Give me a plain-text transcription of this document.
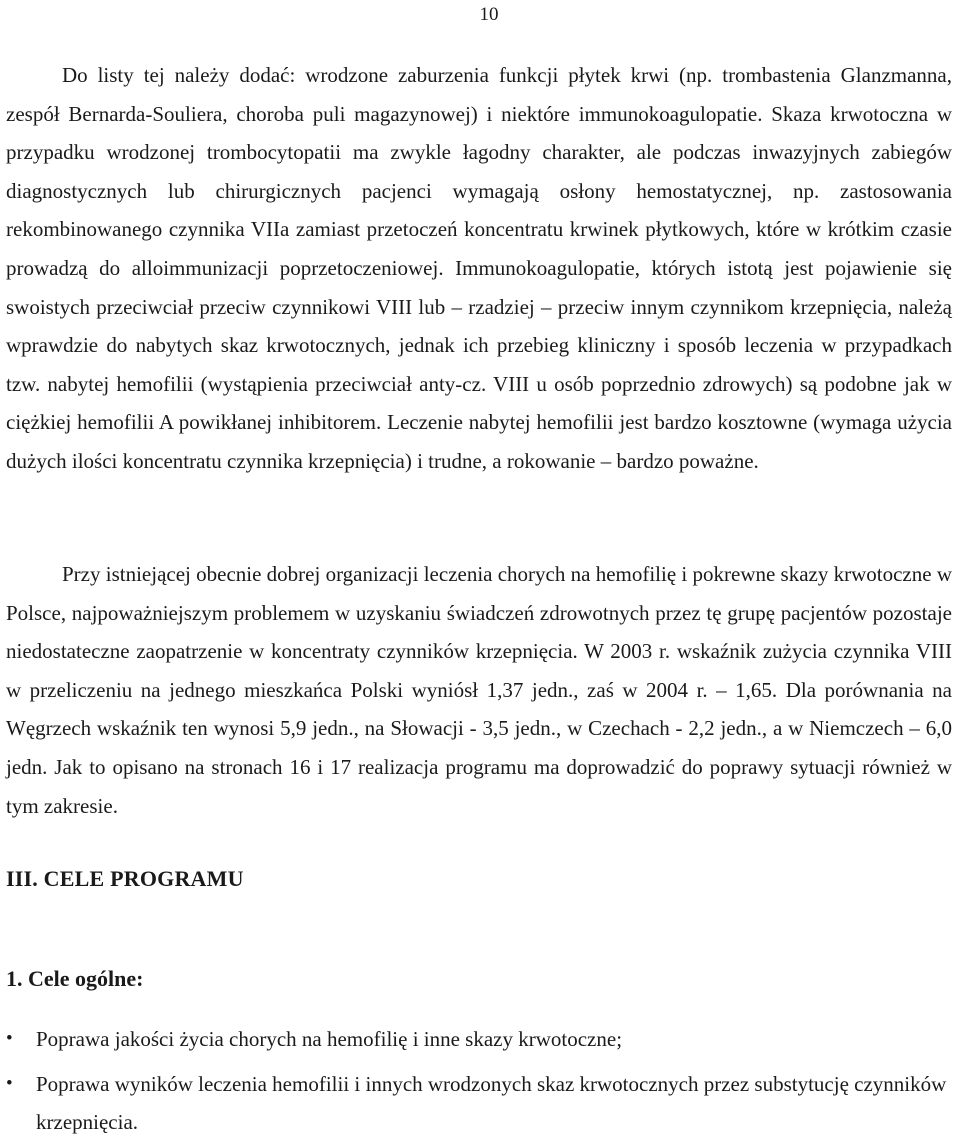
10

Do listy tej należy dodać: wrodzone zaburzenia funkcji płytek krwi (np. trombastenia Glanzmanna, zespół Bernarda-Souliera, choroba puli magazynowej) i niektóre immunokoagulopatie. Skaza krwotoczna w przypadku wrodzonej trombocytopatii ma zwykle łagodny charakter, ale podczas inwazyjnych zabiegów diagnostycznych lub chirurgicznych pacjenci wymagają osłony hemostatycznej, np. zastosowania rekombinowanego czynnika VIIa zamiast przetoczeń koncentratu krwinek płytkowych, które w krótkim czasie prowadzą do alloimmunizacji poprzetoczeniowej. Immunokoagulopatie, których istotą jest pojawienie się swoistych przeciwciał przeciw czynnikowi VIII lub – rzadziej – przeciw innym czynnikom krzepnięcia, należą wprawdzie do nabytych skaz krwotocznych, jednak ich przebieg kliniczny i sposób leczenia w przypadkach tzw. nabytej hemofilii (wystąpienia przeciwciał anty-cz. VIII u osób poprzednio zdrowych) są podobne jak w ciężkiej hemofilii A powikłanej inhibitorem. Leczenie nabytej hemofilii jest bardzo kosztowne (wymaga użycia dużych ilości koncentratu czynnika krzepnięcia) i trudne, a rokowanie – bardzo poważne.

Przy istniejącej obecnie dobrej organizacji leczenia chorych na hemofilię i pokrewne skazy krwotoczne w Polsce, najpoważniejszym problemem w uzyskaniu świadczeń zdrowotnych przez tę grupę pacjentów pozostaje niedostateczne zaopatrzenie w koncentraty czynników krzepnięcia. W 2003 r. wskaźnik zużycia czynnika VIII w przeliczeniu na jednego mieszkańca Polski wyniósł 1,37 jedn., zaś w 2004 r. – 1,65. Dla porównania na Węgrzech wskaźnik ten wynosi 5,9 jedn., na Słowacji - 3,5 jedn., w Czechach - 2,2 jedn., a w Niemczech – 6,0 jedn. Jak to opisano na stronach 16 i 17 realizacja programu ma doprowadzić do poprawy sytuacji również w tym zakresie.

III. CELE PROGRAMU
1. Cele ogólne:
• Poprawa jakości życia chorych na hemofilię i inne skazy krwotoczne;
• Poprawa wyników leczenia hemofilii i innych wrodzonych skaz krwotocznych przez substytucję czynników krzepnięcia.
